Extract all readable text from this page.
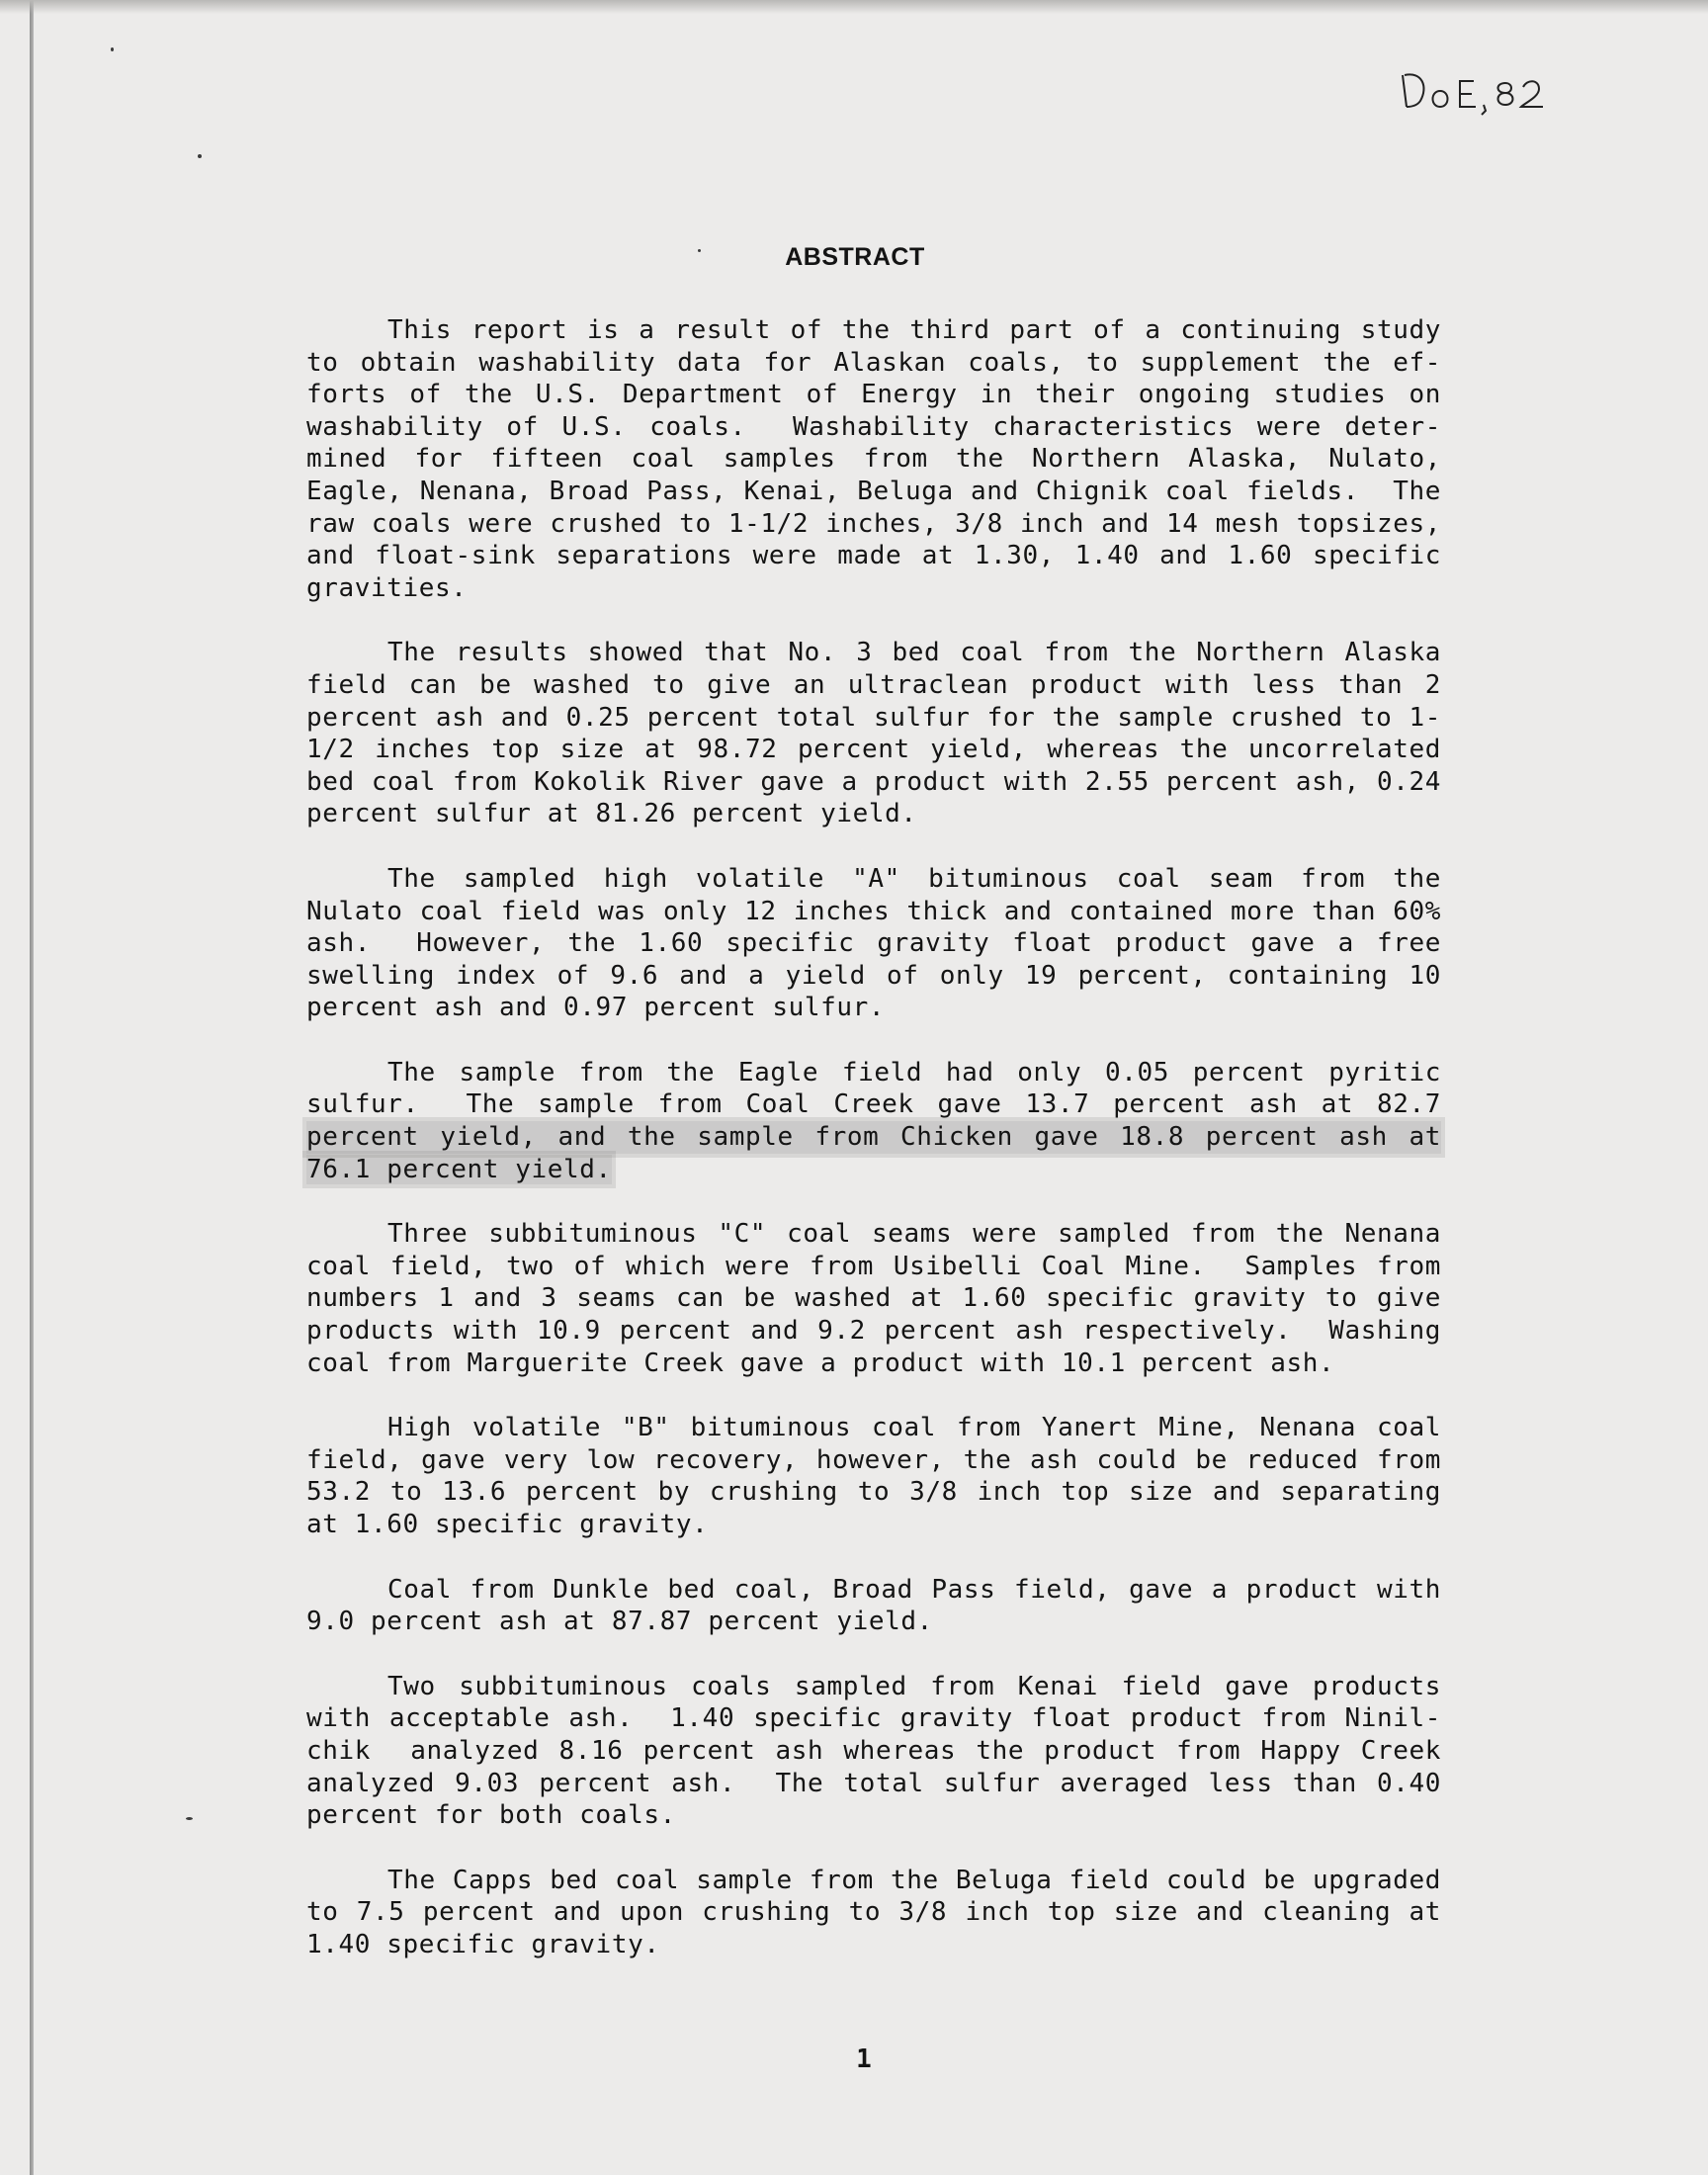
ABSTRACT
This report is a result of the third part of a continuing study
to obtain washability data for Alaskan coals, to supplement the ef-
forts of the U.S. Department of Energy in their ongoing studies on
washability of U.S. coals.  Washability characteristics were deter-
mined for fifteen coal samples from the Northern Alaska, Nulato,
Eagle, Nenana, Broad Pass, Kenai, Beluga and Chignik coal fields.  The
raw coals were crushed to 1-1/2 inches, 3/8 inch and 14 mesh topsizes,
and float-sink separations were made at 1.30, 1.40 and 1.60 specific
gravities.
The results showed that No. 3 bed coal from the Northern Alaska
field can be washed to give an ultraclean product with less than 2
percent ash and 0.25 percent total sulfur for the sample crushed to 1-
1/2 inches top size at 98.72 percent yield, whereas the uncorrelated
bed coal from Kokolik River gave a product with 2.55 percent ash, 0.24
percent sulfur at 81.26 percent yield.
The sampled high volatile "A" bituminous coal seam from the
Nulato coal field was only 12 inches thick and contained more than 60%
ash.  However, the 1.60 specific gravity float product gave a free
swelling index of 9.6 and a yield of only 19 percent, containing 10
percent ash and 0.97 percent sulfur.
The sample from the Eagle field had only 0.05 percent pyritic
sulfur.  The sample from Coal Creek gave 13.7 percent ash at 82.7
percent yield, and the sample from Chicken gave 18.8 percent ash at
76.1 percent yield.
Three subbituminous "C" coal seams were sampled from the Nenana
coal field, two of which were from Usibelli Coal Mine.  Samples from
numbers 1 and 3 seams can be washed at 1.60 specific gravity to give
products with 10.9 percent and 9.2 percent ash respectively.  Washing
coal from Marguerite Creek gave a product with 10.1 percent ash.
High volatile "B" bituminous coal from Yanert Mine, Nenana coal
field, gave very low recovery, however, the ash could be reduced from
53.2 to 13.6 percent by crushing to 3/8 inch top size and separating
at 1.60 specific gravity.
Coal from Dunkle bed coal, Broad Pass field, gave a product with
9.0 percent ash at 87.87 percent yield.
Two subbituminous coals sampled from Kenai field gave products
with acceptable ash.  1.40 specific gravity float product from Ninil-
chik  analyzed 8.16 percent ash whereas the product from Happy Creek
analyzed 9.03 percent ash.  The total sulfur averaged less than 0.40
percent for both coals.
The Capps bed coal sample from the Beluga field could be upgraded
to 7.5 percent and upon crushing to 3/8 inch top size and cleaning at
1.40 specific gravity.
1
